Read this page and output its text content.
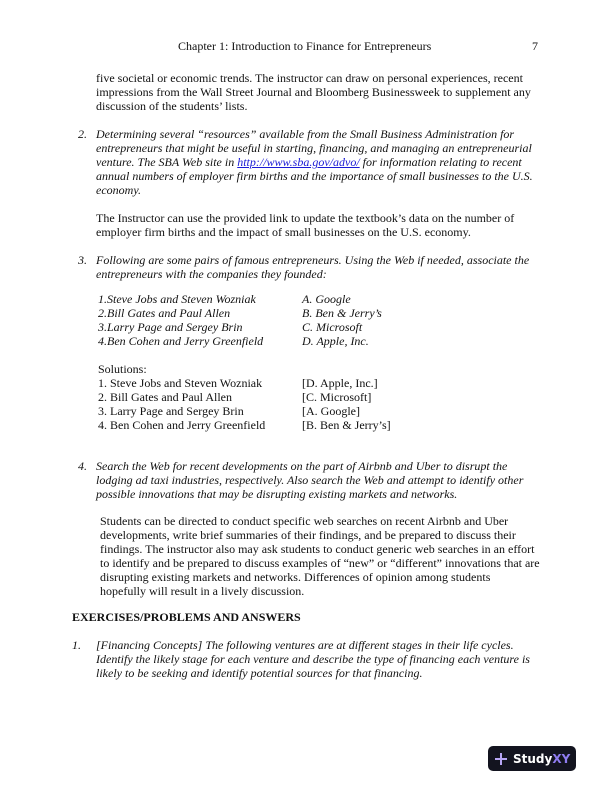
Chapter 1: Introduction to Finance for Entrepreneurs	7
five societal or economic trends. The instructor can draw on personal experiences, recent
impressions from the Wall Street Journal and Bloomberg Businessweek to supplement any
discussion of the students’ lists.
2. Determining several “resources” available from the Small Business Administration for
entrepreneurs that might be useful in starting, financing, and managing an entrepreneurial
venture. The SBA Web site in http://www.sba.gov/advo/ for information relating to recent
annual numbers of employer firm births and the importance of small businesses to the U.S.
economy.
The Instructor can use the provided link to update the textbook’s data on the number of
employer firm births and the impact of small businesses on the U.S. economy.
3. Following are some pairs of famous entrepreneurs. Using the Web if needed, associate the
entrepreneurs with the companies they founded:
1.Steve Jobs and Steven Wozniak
2.Bill Gates and Paul Allen
3.Larry Page and Sergey Brin
4.Ben Cohen and Jerry Greenfield
A. Google
B. Ben & Jerry’s
C. Microsoft
D. Apple, Inc.
Solutions:
1. Steve Jobs and Steven Wozniak
2. Bill Gates and Paul Allen
3. Larry Page and Sergey Brin
4. Ben Cohen and Jerry Greenfield
[D. Apple, Inc.]
[C. Microsoft]
[A. Google]
[B. Ben & Jerry’s]
4. Search the Web for recent developments on the part of Airbnb and Uber to disrupt the
lodging ad taxi industries, respectively. Also search the Web and attempt to identify other
possible innovations that may be disrupting existing markets and networks.
Students can be directed to conduct specific web searches on recent Airbnb and Uber
developments, write brief summaries of their findings, and be prepared to discuss their
findings. The instructor also may ask students to conduct generic web searches in an effort
to identify and be prepared to discuss examples of “new” or “different” innovations that are
disrupting existing markets and networks. Differences of opinion among students
hopefully will result in a lively discussion.
EXERCISES/PROBLEMS AND ANSWERS
1. [Financing Concepts] The following ventures are at different stages in their life cycles.
Identify the likely stage for each venture and describe the type of financing each venture is
likely to be seeking and identify potential sources for that financing.
Study XY
